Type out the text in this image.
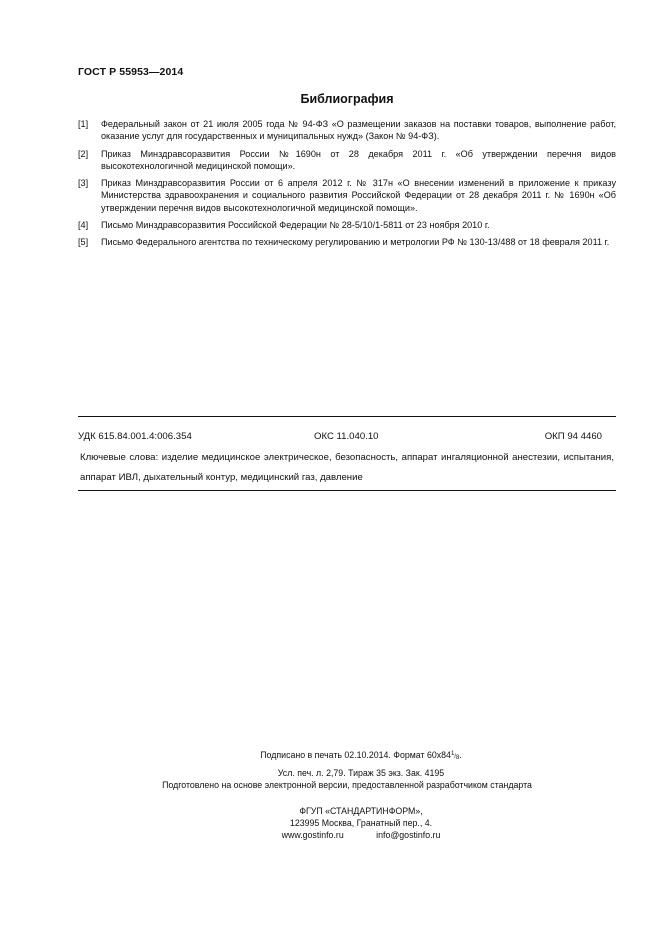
ГОСТ Р 55953—2014
Библиография
[1]	Федеральный закон от 21 июля 2005 года № 94-ФЗ «О размещении заказов на поставки товаров, выполнение работ, оказание услуг для государственных и муниципальных нужд» (Закон № 94-ФЗ).
[2]	Приказ Минздравсоразвития России №1690н от 28 декабря 2011 г. «Об утверждении перечня видов высокотехнологичной медицинской помощи».
[3]	Приказ Минздравсоразвития России от 6 апреля 2012 г. № 317н «О внесении изменений в приложение к приказу Министерства здравоохранения и социального развития Российской Федерации от 28 декабря 2011 г. № 1690н «Об утверждении перечня видов высокотехнологичной медицинской помощи».
[4]	Письмо Минздравсоразвития Российской Федерации № 28-5/10/1-5811 от 23 ноября 2010 г.
[5]	Письмо Федерального агентства по техническому регулированию и метрологии РФ № 130-13/488 от 18 февраля 2011 г.
УДК 615.84.001.4:006.354	ОКС 11.040.10	ОКП 94 4460
Ключевые слова: изделие медицинское электрическое, безопасность, аппарат ингаляционной анестезии, испытания, аппарат ИВЛ, дыхательный контур, медицинский газ, давление
Подписано в печать 02.10.2014. Формат $60х84^1/8$.
Усл. печ. л. 2,79. Тираж 35 экз. Зак. 4195
Подготовлено на основе электронной версии, предоставленной разработчиком стандарта
ФГУП «СТАНДАРТИНФОРМ»,
123995 Москва, Гранатный пер., 4.
www.gostinfo.ru	info@gostinfo.ru
